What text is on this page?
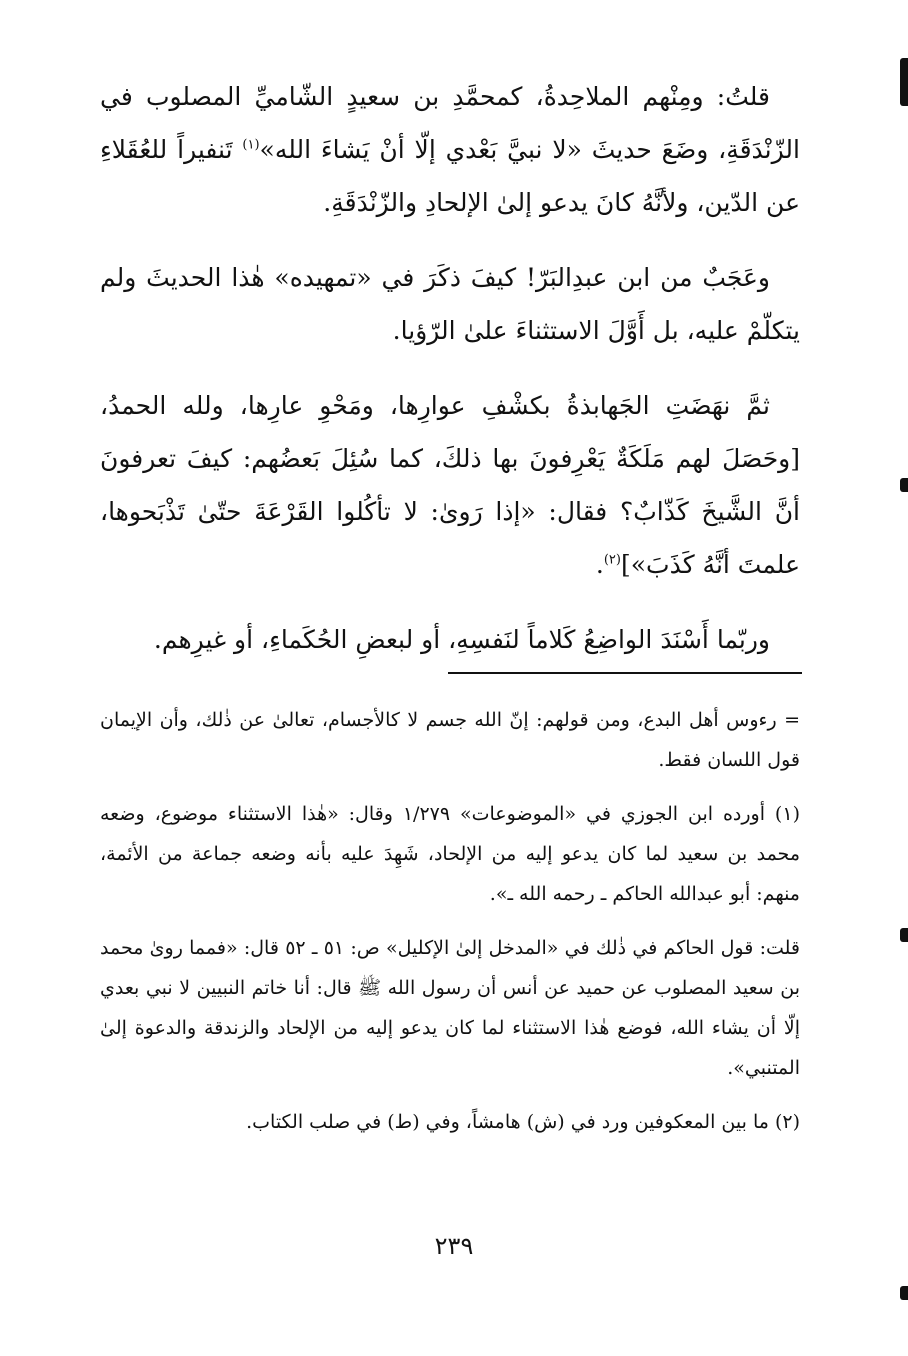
قلتُ: ومِنْهم الملاحِدةُ، كمحمَّدِ بن سعيدٍ الشّاميِّ المصلوب في الزّنْدَقَةِ، وضَعَ حديثَ «لا نبيَّ بَعْدي إلّا أنْ يَشاءَ الله»$^{(١)}$ تَنفيراً للعُقَلاءِ عن الدّين، ولأنَّهُ كانَ يدعو إلىٰ الإلحادِ والزّنْدَقَةِ.

وعَجَبٌ من ابن عبدِالبَرّ! كيفَ ذكَرَ في «تمهيده» هٰذا الحديثَ ولم يتكلّمْ عليه، بل أَوَّلَ الاستثناءَ علىٰ الرّؤيا.

ثمَّ نهَضَتِ الجَهابذةُ بكشْفِ عوارِها، ومَحْوِ عارِها، ولله الحمدُ، [وحَصَلَ لهم مَلَكَةٌ يَعْرِفونَ بها ذلكَ، كما سُئِلَ بَعضُهم: كيفَ تعرفونَ أنَّ الشَّيخَ كَذّابٌ؟ فقال: «إذا رَوىٰ: لا تأكُلوا القَرْعَةَ حتّىٰ تَذْبَحوها، علمتَ أنَّهُ كَذَبَ»]$^{(٢)}$.

وربّما أَسْنَدَ الواضِعُ كَلاماً لنَفسِهِ، أو لبعضِ الحُكَماءِ، أو غيرِهم.

= رءوس أهل البدع، ومن قولهم: إنّ الله جسم لا كالأجسام، تعالىٰ عن ذٰلك، وأن الإيمان قول اللسان فقط.

(١) أورده ابن الجوزي في «الموضوعات» ١/٢٧٩ وقال: «هٰذا الاستثناء موضوع، وضعه محمد بن سعيد لما كان يدعو إليه من الإلحاد، شَهِدَ عليه بأنه وضعه جماعة من الأئمة، منهم: أبو عبدالله الحاكم ـ رحمه الله ـ».

قلت: قول الحاكم في ذٰلك في «المدخل إلىٰ الإكليل» ص: ٥١ ـ ٥٢ قال: «فمما روىٰ محمد بن سعيد المصلوب عن حميد عن أنس أن رسول الله ﷺ قال: أنا خاتم النبيين لا نبي بعدي إلّا أن يشاء الله، فوضع هٰذا الاستثناء لما كان يدعو إليه من الإلحاد والزندقة والدعوة إلىٰ المتنبي».

(٢) ما بين المعكوفين ورد في (ش) هامشاً، وفي (ط) في صلب الكتاب.

٢٣٩
